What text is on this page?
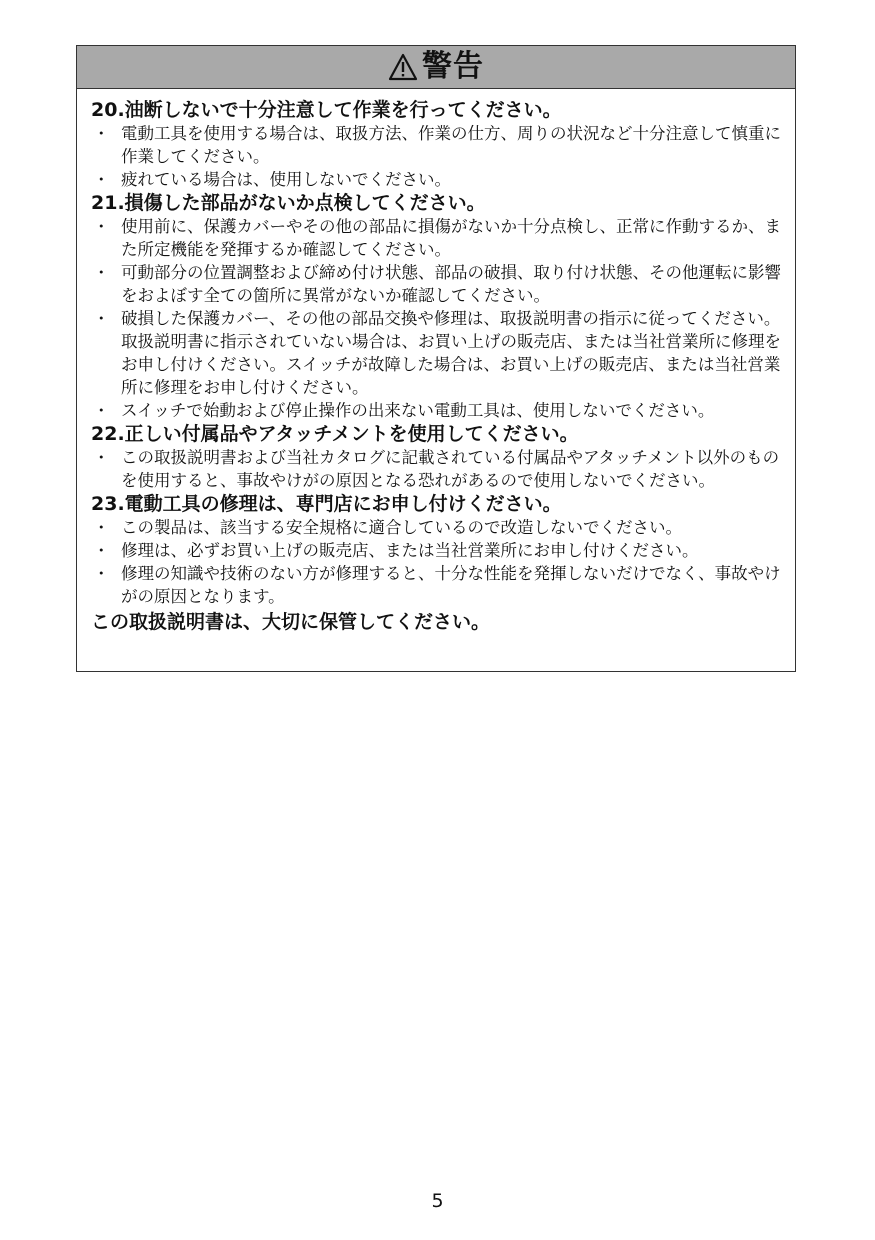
警告
20.油断しないで十分注意して作業を行ってください。
・ 電動工具を使用する場合は、取扱方法、作業の仕方、周りの状況など十分注意して慎重に作業してください。
・ 疲れている場合は、使用しないでください。
21.損傷した部品がないか点検してください。
・ 使用前に、保護カバーやその他の部品に損傷がないか十分点検し、正常に作動するか、また所定機能を発揮するか確認してください。
・ 可動部分の位置調整および締め付け状態、部品の破損、取り付け状態、その他運転に影響をおよぼす全ての箇所に異常がないか確認してください。
・ 破損した保護カバー、その他の部品交換や修理は、取扱説明書の指示に従ってください。取扱説明書に指示されていない場合は、お買い上げの販売店、または当社営業所に修理をお申し付けください。スイッチが故障した場合は、お買い上げの販売店、または当社営業所に修理をお申し付けください。
・ スイッチで始動および停止操作の出来ない電動工具は、使用しないでください。
22.正しい付属品やアタッチメントを使用してください。
・ この取扱説明書および当社カタログに記載されている付属品やアタッチメント以外のものを使用すると、事故やけがの原因となる恐れがあるので使用しないでください。
23.電動工具の修理は、専門店にお申し付けください。
・ この製品は、該当する安全規格に適合しているので改造しないでください。
・ 修理は、必ずお買い上げの販売店、または当社営業所にお申し付けください。
・ 修理の知識や技術のない方が修理すると、十分な性能を発揮しないだけでなく、事故やけがの原因となります。
この取扱説明書は、大切に保管してください。
5
